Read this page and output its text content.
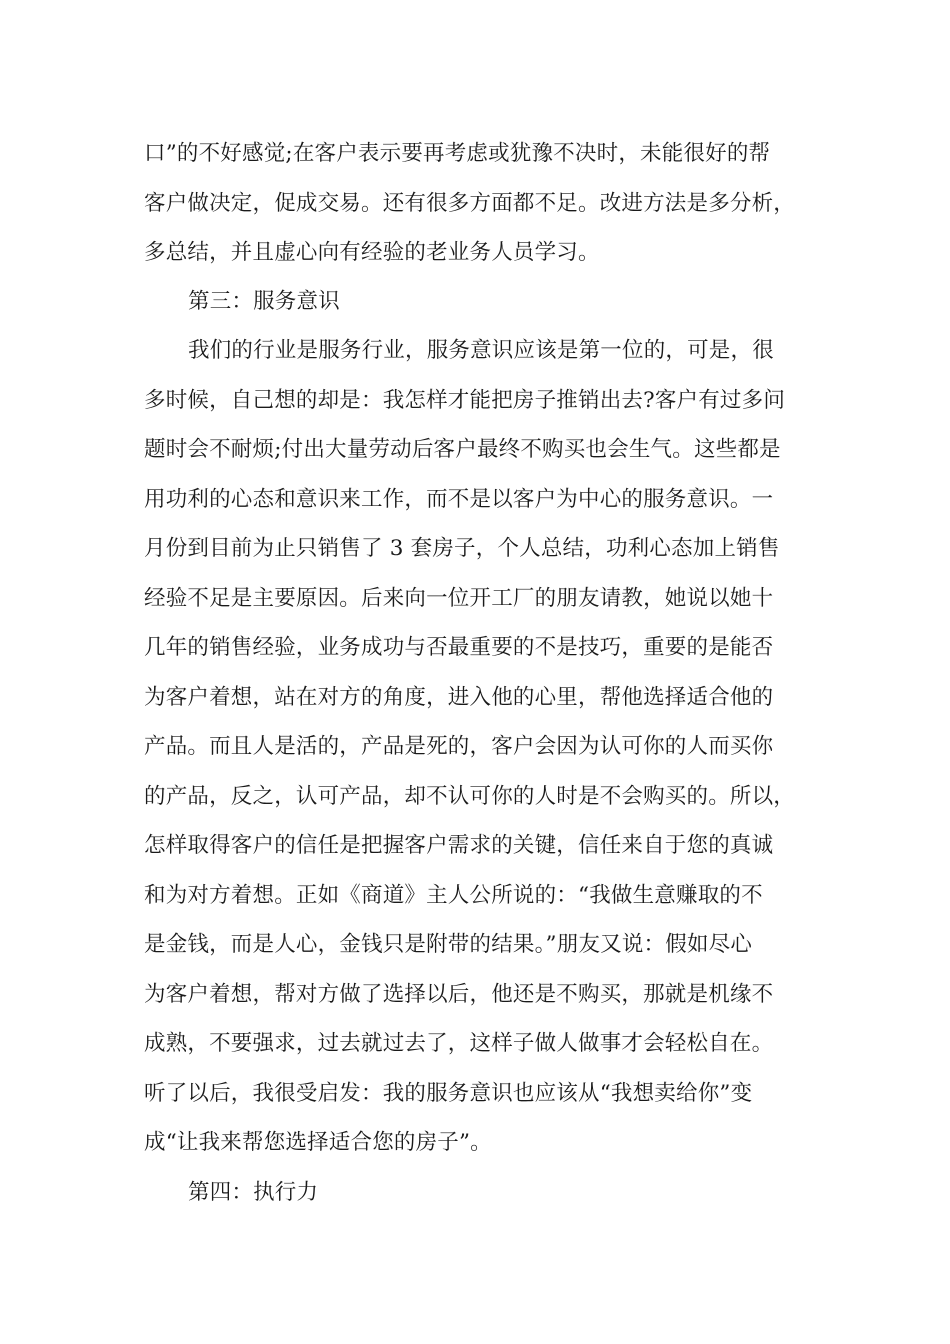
口”的不好感觉;在客户表示要再考虑或犹豫不决时，未能很好的帮
客户做决定，促成交易。还有很多方面都不足。改进方法是多分析，
多总结，并且虚心向有经验的老业务人员学习。
第三：服务意识
我们的行业是服务行业，服务意识应该是第一位的，可是，很
多时候，自己想的却是：我怎样才能把房子推销出去?客户有过多问
题时会不耐烦;付出大量劳动后客户最终不购买也会生气。这些都是
用功利的心态和意识来工作，而不是以客户为中心的服务意识。一
月份到目前为止只销售了 3 套房子，个人总结，功利心态加上销售
经验不足是主要原因。后来向一位开工厂的朋友请教，她说以她十
几年的销售经验，业务成功与否最重要的不是技巧，重要的是能否
为客户着想，站在对方的角度，进入他的心里，帮他选择适合他的
产品。而且人是活的，产品是死的，客户会因为认可你的人而买你
的产品，反之，认可产品，却不认可你的人时是不会购买的。所以，
怎样取得客户的信任是把握客户需求的关键，信任来自于您的真诚
和为对方着想。正如《商道》主人公所说的：“我做生意赚取的不
是金钱，而是人心，金钱只是附带的结果。”朋友又说：假如尽心
为客户着想，帮对方做了选择以后，他还是不购买，那就是机缘不
成熟，不要强求，过去就过去了，这样子做人做事才会轻松自在。
听了以后，我很受启发：我的服务意识也应该从“我想卖给你”变
成“让我来帮您选择适合您的房子”。
第四：执行力
